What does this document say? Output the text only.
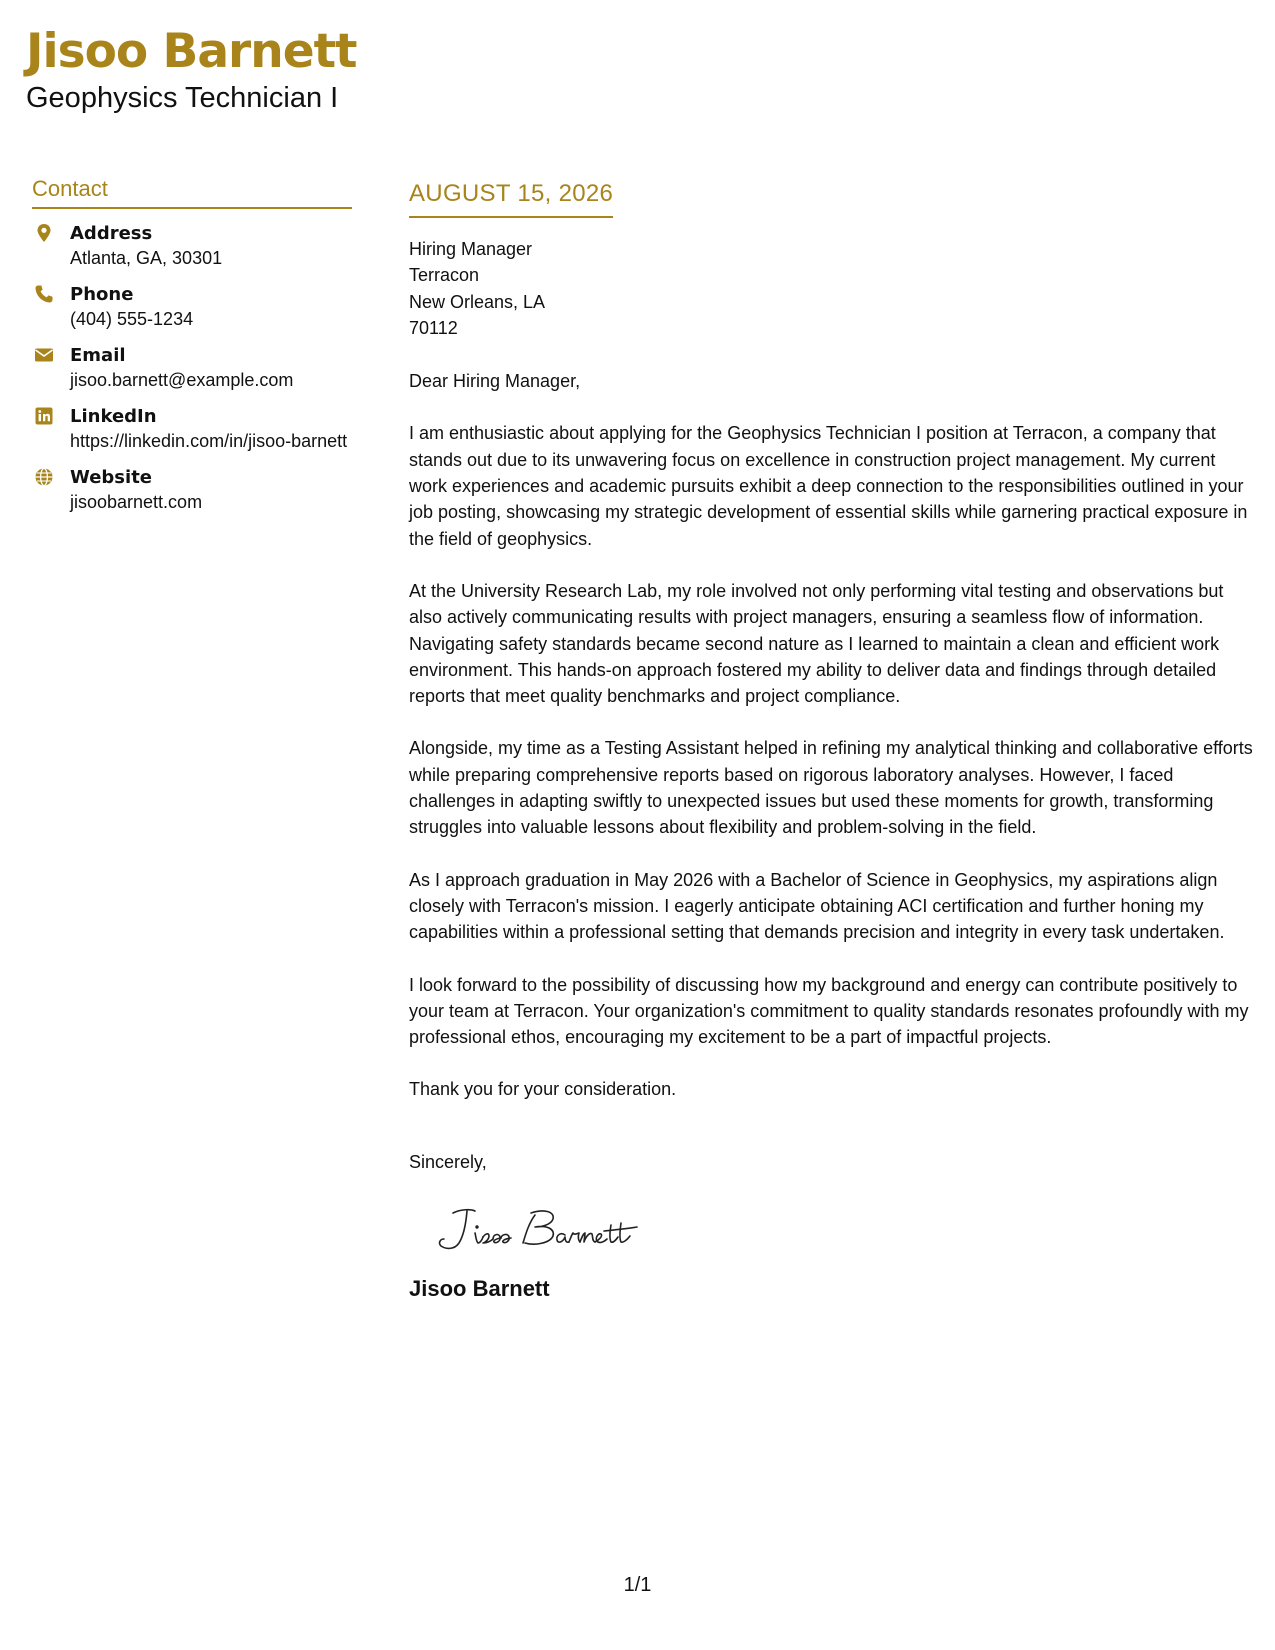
Jisoo Barnett
Geophysics Technician I
Contact
Address
Atlanta, GA, 30301
Phone
(404) 555-1234
Email
jisoo.barnett@example.com
LinkedIn
https://linkedin.com/in/jisoo-barnett
Website
jisoobarnett.com
AUGUST 15, 2026
Hiring Manager
Terracon
New Orleans, LA
70112
Dear Hiring Manager,
I am enthusiastic about applying for the Geophysics Technician I position at Terracon, a company that stands out due to its unwavering focus on excellence in construction project management. My current work experiences and academic pursuits exhibit a deep connection to the responsibilities outlined in your job posting, showcasing my strategic development of essential skills while garnering practical exposure in the field of geophysics.
At the University Research Lab, my role involved not only performing vital testing and observations but also actively communicating results with project managers, ensuring a seamless flow of information. Navigating safety standards became second nature as I learned to maintain a clean and efficient work environment. This hands-on approach fostered my ability to deliver data and findings through detailed reports that meet quality benchmarks and project compliance.
Alongside, my time as a Testing Assistant helped in refining my analytical thinking and collaborative efforts while preparing comprehensive reports based on rigorous laboratory analyses. However, I faced challenges in adapting swiftly to unexpected issues but used these moments for growth, transforming struggles into valuable lessons about flexibility and problem-solving in the field.
As I approach graduation in May 2026 with a Bachelor of Science in Geophysics, my aspirations align closely with Terracon's mission. I eagerly anticipate obtaining ACI certification and further honing my capabilities within a professional setting that demands precision and integrity in every task undertaken.
I look forward to the possibility of discussing how my background and energy can contribute positively to your team at Terracon. Your organization's commitment to quality standards resonates profoundly with my professional ethos, encouraging my excitement to be a part of impactful projects.
Thank you for your consideration.
Sincerely,
Jisoo Barnett
1/1
